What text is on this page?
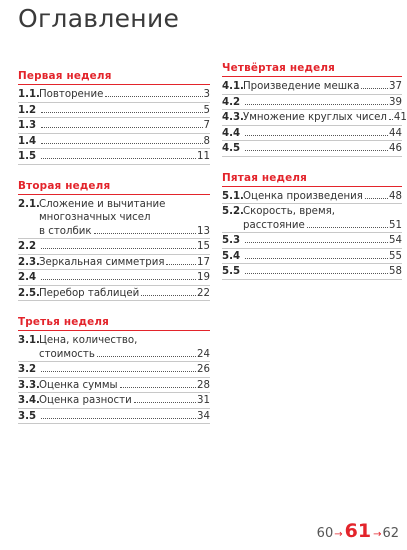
Оглавление
Первая неделя
1.1. Повторение	3
1.2	5
1.3	7
1.4	8
1.5	11
Вторая неделя
2.1. Сложение и вычитание
многозначных чисел
в столбик	13
2.2	15
2.3. Зеркальная симметрия	17
2.4	19
2.5. Перебор таблицей	22
Третья неделя
3.1. Цена, количество,
стоимость	24
3.2	26
3.3. Оценка суммы	28
3.4. Оценка разности	31
3.5	34
Четвёртая неделя
4.1. Произведение мешка	37
4.2	39
4.3. Умножение круглых чисел 41
4.4	44
4.5	46
Пятая неделя
5.1. Оценка произведения	48
5.2. Скорость, время,
расстояние	51
5.3	54
5.4	55
5.5	58
60 → 61 → 62
